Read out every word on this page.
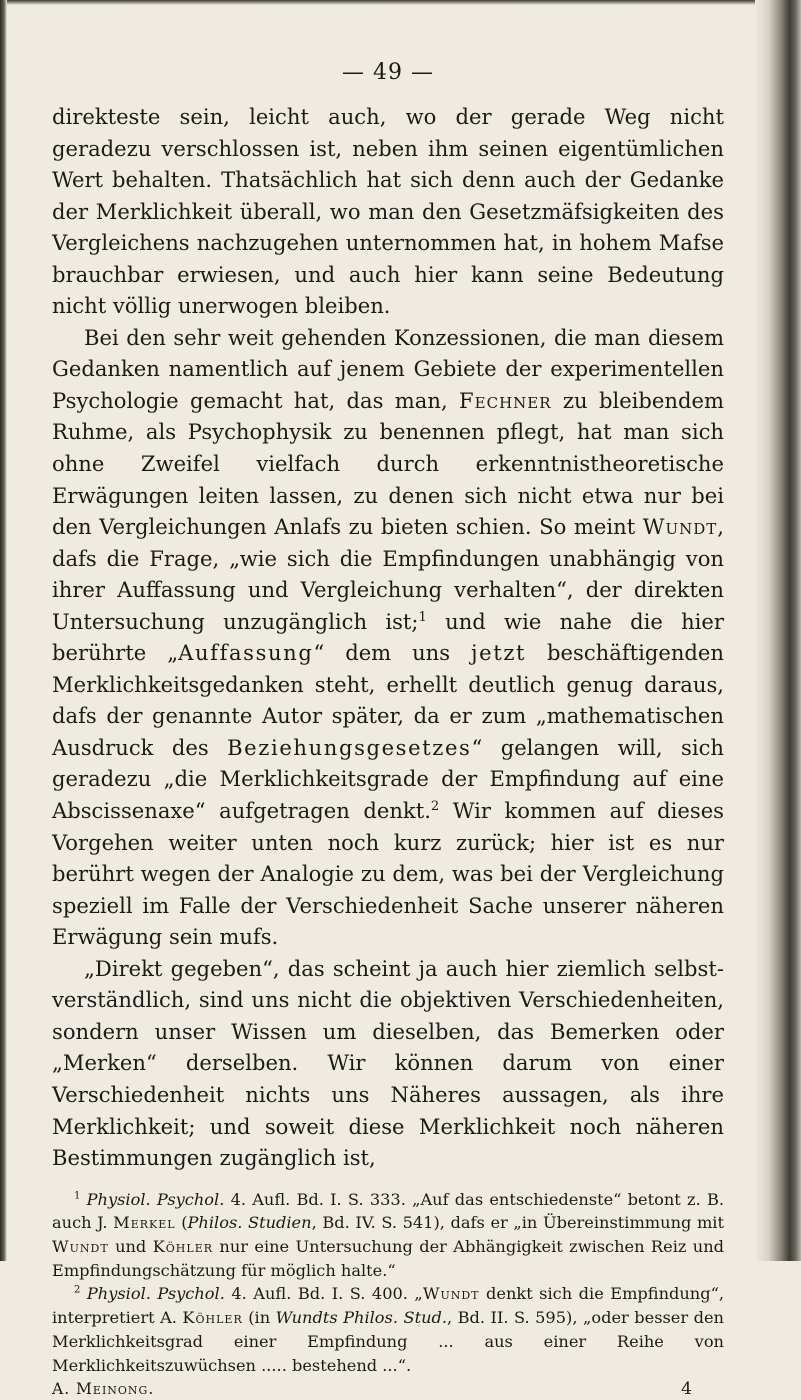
— 49 —

direkteste sein, leicht auch, wo der gerade Weg nicht geradezu verschlossen ist, neben ihm seinen eigentümlichen Wert behalten. Thatsächlich hat sich denn auch der Gedanke der Merklichkeit überall, wo man den Gesetzmäfsigkeiten des Vergleichens nachzugehen unternommen hat, in hohem Mafse brauchbar erwiesen, und auch hier kann seine Bedeutung nicht völlig unerwogen bleiben.

Bei den sehr weit gehenden Konzessionen, die man diesem Gedanken namentlich auf jenem Gebiete der experimentellen Psychologie gemacht hat, das man, Fechner zu bleibendem Ruhme, als Psychophysik zu benennen pflegt, hat man sich ohne Zweifel vielfach durch erkenntnistheoretische Erwägungen leiten lassen, zu denen sich nicht etwa nur bei den Vergleichungen Anlafs zu bieten schien. So meint Wundt, dafs die Frage, „wie sich die Empfindungen unabhängig von ihrer Auffassung und Vergleichung verhalten“, der direkten Untersuchung unzugänglich ist;$^1$ und wie nahe die hier berührte „Auffassung“ dem uns jetzt beschäftigenden Merklichkeitsgedanken steht, erhellt deutlich genug daraus, dafs der genannte Autor später, da er zum „mathematischen Ausdruck des Beziehungsgesetzes“ gelangen will, sich geradezu „die Merklichkeitsgrade der Empfindung auf eine Abscissenaxe“ aufgetragen denkt.$^2$ Wir kommen auf dieses Vorgehen weiter unten noch kurz zurück; hier ist es nur berührt wegen der Analogie zu dem, was bei der Vergleichung speziell im Falle der Verschiedenheit Sache unserer näheren Erwägung sein mufs.

„Direkt gegeben“, das scheint ja auch hier ziemlich selbstverständlich, sind uns nicht die objektiven Verschiedenheiten, sondern unser Wissen um dieselben, das Bemerken oder „Merken“ derselben. Wir können darum von einer Verschiedenheit nichts uns Näheres aussagen, als ihre Merklichkeit; und soweit diese Merklichkeit noch näheren Bestimmungen zugänglich ist,

$^1$ Physiol. Psychol. 4. Aufl. Bd. I. S. 333. „Auf das entschiedenste“ betont z. B. auch J. Merkel (Philos. Studien, Bd. IV. S. 541), dafs er „in Übereinstimmung mit Wundt und Köhler nur eine Untersuchung der Abhängigkeit zwischen Reiz und Empfindungschätzung für möglich halte.“

$^2$ Physiol. Psychol. 4. Aufl. Bd. I. S. 400. „Wundt denkt sich die Empfindung“, interpretiert A. Köhler (in Wundts Philos. Stud., Bd. II. S. 595), „oder besser den Merklichkeitsgrad einer Empfindung ... aus einer Reihe von Merklichkeitszuwüchsen ..... bestehend ...“.

A. Meinong.	4
